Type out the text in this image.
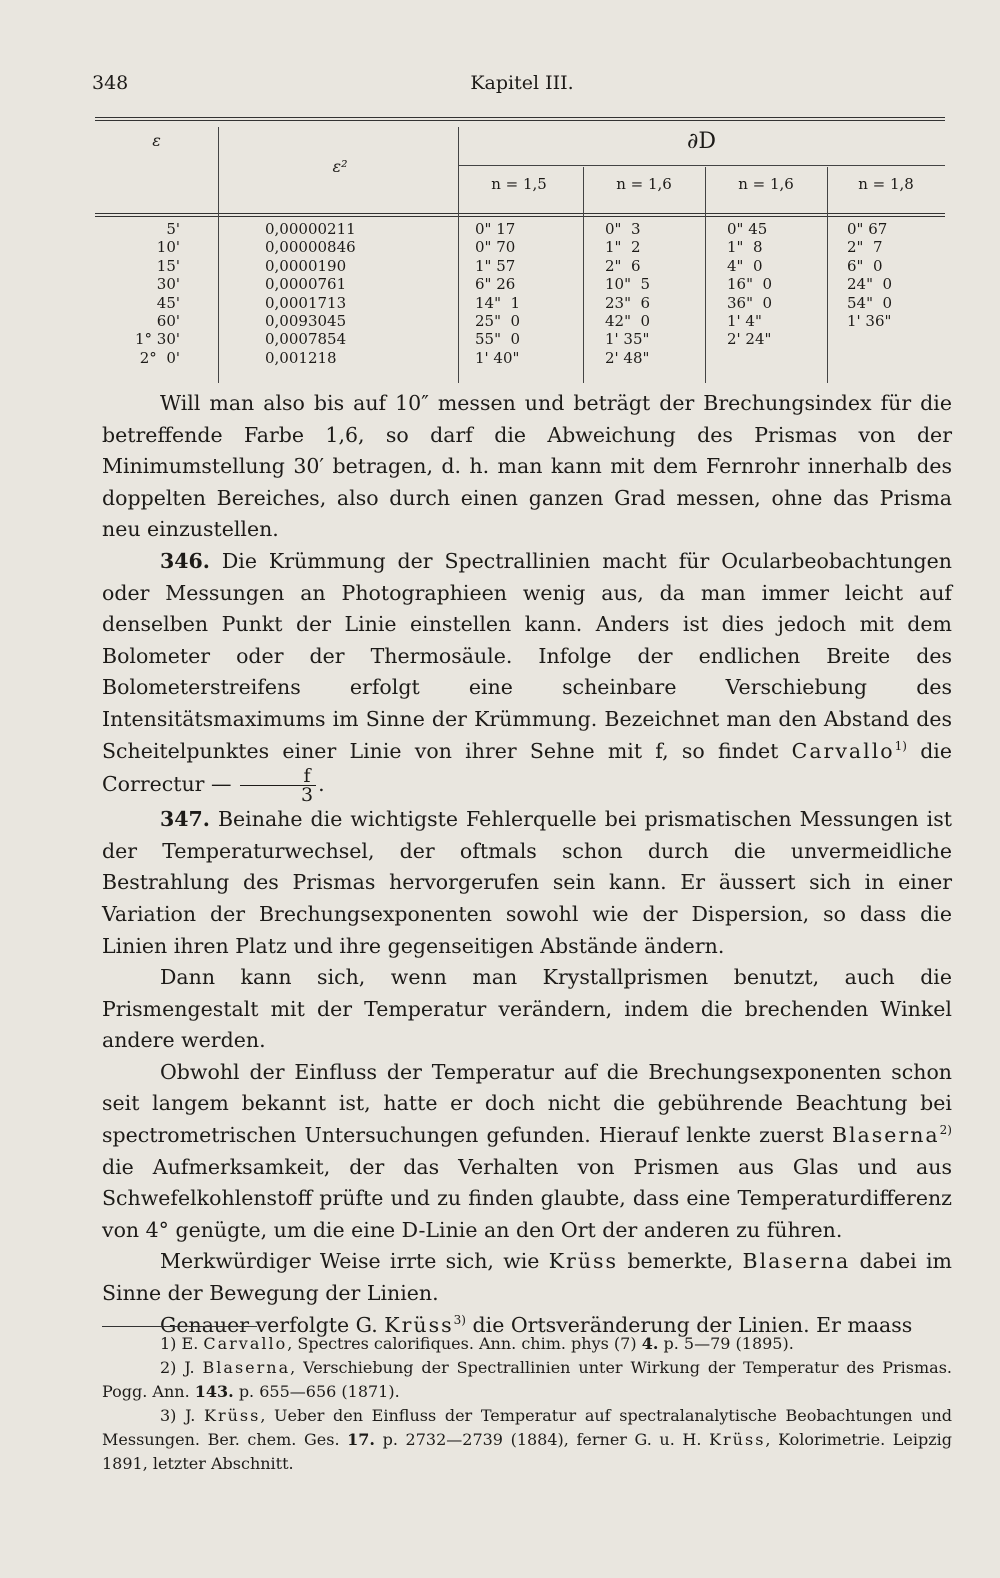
348	Kapitel III.
ε
ε²
∂D
n = 1,5	n = 1,6	n = 1,6	n = 1,8
5'	0,00000211	0" 17	0"  3	0" 45	0" 67
10'	0,00000846	0" 70	1"  2	1"  8	2"  7
15'	0,0000190	1" 57	2"  6	4"  0	6"  0
30'	0,0000761	6" 26	10"  5	16"  0	24"  0
45'	0,0001713	14"  1	23"  6	36"  0	54"  0
60'	0,0093045	25"  0	42"  0	1' 4"	1' 36"
1° 30'	0,0007854	55"  0	1' 35"	2' 24"
2°  0'	0,001218	1' 40"	2' 48"

Will man also bis auf 10″ messen und beträgt der Brechungsindex für die betreffende Farbe 1,6, so darf die Abweichung des Prismas von der Minimumstellung 30′ betragen, d. h. man kann mit dem Fernrohr innerhalb des doppelten Bereiches, also durch einen ganzen Grad messen, ohne das Prisma neu einzustellen.

346. Die Krümmung der Spectrallinien macht für Ocularbeobachtungen oder Messungen an Photographieen wenig aus, da man immer leicht auf denselben Punkt der Linie einstellen kann. Anders ist dies jedoch mit dem Bolometer oder der Thermosäule. Infolge der endlichen Breite des Bolometerstreifens erfolgt eine scheinbare Verschiebung des Intensitätsmaximums im Sinne der Krümmung. Bezeichnet man den Abstand des Scheitelpunktes einer Linie von ihrer Sehne mit f, so findet Carvallo$^{1)}$ die Correctur — $\frac{f}{3}$ .

347. Beinahe die wichtigste Fehlerquelle bei prismatischen Messungen ist der Temperaturwechsel, der oftmals schon durch die unvermeidliche Bestrahlung des Prismas hervorgerufen sein kann. Er äussert sich in einer Variation der Brechungsexponenten sowohl wie der Dispersion, so dass die Linien ihren Platz und ihre gegenseitigen Abstände ändern.

Dann kann sich, wenn man Krystallprismen benutzt, auch die Prismengestalt mit der Temperatur verändern, indem die brechenden Winkel andere werden.

Obwohl der Einfluss der Temperatur auf die Brechungsexponenten schon seit langem bekannt ist, hatte er doch nicht die gebührende Beachtung bei spectrometrischen Untersuchungen gefunden. Hierauf lenkte zuerst Blaserna$^{2)}$ die Aufmerksamkeit, der das Verhalten von Prismen aus Glas und aus Schwefelkohlenstoff prüfte und zu finden glaubte, dass eine Temperaturdifferenz von 4° genügte, um die eine D-Linie an den Ort der anderen zu führen.

Merkwürdiger Weise irrte sich, wie Krüss bemerkte, Blaserna dabei im Sinne der Bewegung der Linien.

Genauer verfolgte G. Krüss$^{3)}$ die Ortsveränderung der Linien. Er maass

1) E. Carvallo, Spectres calorifiques. Ann. chim. phys (7) 4. p. 5—79 (1895).

2) J. Blaserna, Verschiebung der Spectrallinien unter Wirkung der Temperatur des Prismas. Pogg. Ann. 143. p. 655—656 (1871).

3) J. Krüss, Ueber den Einfluss der Temperatur auf spectralanalytische Beobachtungen und Messungen. Ber. chem. Ges. 17. p. 2732—2739 (1884), ferner G. u. H. Krüss, Kolorimetrie. Leipzig 1891, letzter Abschnitt.
